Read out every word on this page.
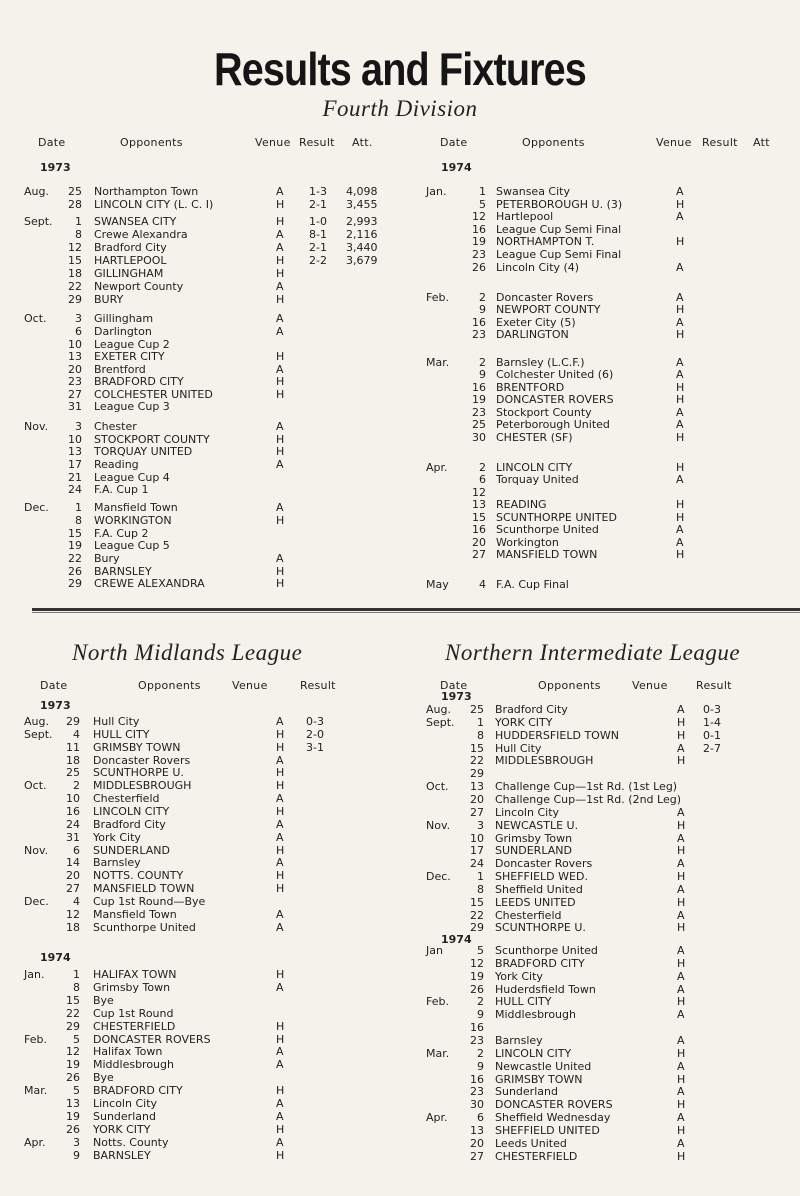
Results and Fixtures
Fourth Division
Date	Opponents	Venue Result Att.
1973
Date	Opponents	Venue Result Att
1974
Aug.	25 Northampton Town	A 1-3 4,098
28 LINCOLN CITY (L. C. I)	H 2-1 3,455
Sept.	1 SWANSEA CITY	H 1-0 2,993
8 Crewe Alexandra	A 8-1 2,116
12 Bradford City	A 2-1 3,440
15 HARTLEPOOL	H 2-2 3,679
18 GILLINGHAM	H
22 Newport County	A
29 BURY	H
Oct.	3 Gillingham	A
6 Darlington	A
10 League Cup 2
13 EXETER CITY	H
20 Brentford	A
23 BRADFORD CITY	H
27 COLCHESTER UNITED	H
31 League Cup 3
Nov.	3 Chester	A
10 STOCKPORT COUNTY	H
13 TORQUAY UNITED	H
17 Reading	A
21 League Cup 4
24 F.A. Cup 1
Dec.	1 Mansfield Town	A
8 WORKINGTON	H
15 F.A. Cup 2
19 League Cup 5
22 Bury	A
26 BARNSLEY	H
29 CREWE ALEXANDRA	H
Jan.	1 Swansea City	A
5 PETERBOROUGH U. (3)	H
12 Hartlepool	A
16 League Cup Semi Final
19 NORTHAMPTON T.	H
23 League Cup Semi Final
26 Lincoln City (4)	A
Feb.	2 Doncaster Rovers	A
9 NEWPORT COUNTY	H
16 Exeter City (5)	A
23 DARLINGTON	H
Mar.	2 Barnsley (L.C.F.)	A
9 Colchester United (6)	A
16 BRENTFORD	H
19 DONCASTER ROVERS	H
23 Stockport County	A
25 Peterborough United	A
30 CHESTER (SF)	H
Apr.	2 LINCOLN CITY	H
6 Torquay United	A
12
13 READING	H
15 SCUNTHORPE UNITED	H
16 Scunthorpe United	A
20 Workington	A
27 MANSFIELD TOWN	H
May	4 F.A. Cup Final
North Midlands League	Northern Intermediate League
Date	Opponents	Venue	Result
1973
1974
Date	Opponents	Venue	Result
1973
1974
Aug.	29 Hull City	A 0-3
Sept.	4 HULL CITY	H 2-0
11 GRIMSBY TOWN	H 3-1
18 Doncaster Rovers	A
25 SCUNTHORPE U.	H
Oct.	2 MIDDLESBROUGH	H
10 Chesterfield	A
16 LINCOLN CITY	H
24 Bradford City	A
31 York City	A
Nov.	6 SUNDERLAND	H
14 Barnsley	A
20 NOTTS. COUNTY	H
27 MANSFIELD TOWN	H
Dec.	4 Cup 1st Round—Bye
12 Mansfield Town	A
18 Scunthorpe United	A
Jan.	1 HALIFAX TOWN	H
8 Grimsby Town	A
15 Bye
22 Cup 1st Round
29 CHESTERFIELD	H
Feb.	5 DONCASTER ROVERS	H
12 Halifax Town	A
19 Middlesbrough	A
26 Bye
Mar.	5 BRADFORD CITY	H
13 Lincoln City	A
19 Sunderland	A
26 YORK CITY	H
Apr.	3 Notts. County	A
9 BARNSLEY	H
Aug.	25 Bradford City	A 0-3
Sept.	1 YORK CITY	H 1-4
8 HUDDERSFIELD TOWN	H 0-1
15 Hull City	A 2-7
22 MIDDLESBROUGH	H
29
Oct.	13 Challenge Cup—1st Rd. (1st Leg)
20 Challenge Cup—1st Rd. (2nd Leg)
27 Lincoln City	A
Nov.	3 NEWCASTLE U.	H
10 Grimsby Town	A
17 SUNDERLAND	H
24 Doncaster Rovers	A
Dec.	1 SHEFFIELD WED.	H
8 Sheffield United	A
15 LEEDS UNITED	H
22 Chesterfield	A
29 SCUNTHORPE U.	H
Jan	5 Scunthorpe United	A
12 BRADFORD CITY	H
19 York City	A
26 Huderdsfield Town	A
Feb.	2 HULL CITY	H
9 Middlesbrough	A
16
23 Barnsley	A
Mar.	2 LINCOLN CITY	H
9 Newcastle United	A
16 GRIMSBY TOWN	H
23 Sunderland	A
30 DONCASTER ROVERS	H
Apr.	6 Sheffield Wednesday	A
13 SHEFFIELD UNITED	H
20 Leeds United	A
27 CHESTERFIELD	H
